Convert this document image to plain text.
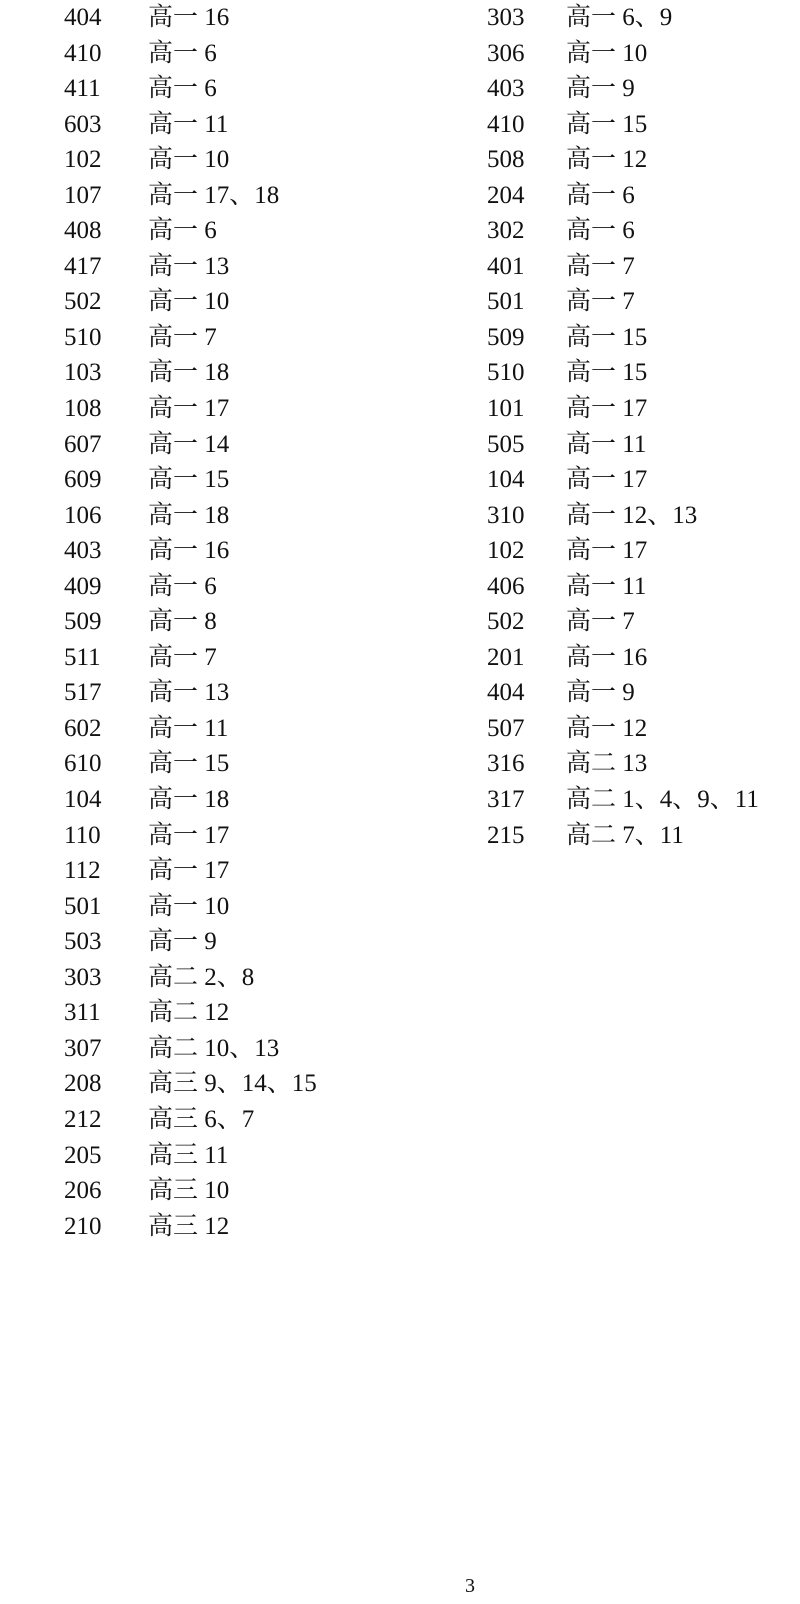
404 高一 16
410 高一 6
411 高一 6
603 高一 11
102 高一 10
107 高一 17、18
408 高一 6
417 高一 13
502 高一 10
510 高一 7
103 高一 18
108 高一 17
607 高一 14
609 高一 15
106 高一 18
403 高一 16
409 高一 6
509 高一 8
511 高一 7
517 高一 13
602 高一 11
610 高一 15
104 高一 18
110 高一 17
112 高一 17
501 高一 10
503 高一 9
303 高二 2、8
311 高二 12
307 高二 10、13
208 高三 9、14、15
212 高三 6、7
205 高三 11
206 高三 10
210 高三 12
303 高一 6、9
306 高一 10
403 高一 9
410 高一 15
508 高一 12
204 高一 6
302 高一 6
401 高一 7
501 高一 7
509 高一 15
510 高一 15
101 高一 17
505 高一 11
104 高一 17
310 高一 12、13
102 高一 17
406 高一 11
502 高一 7
201 高一 16
404 高一 9
507 高一 12
316 高二 13
317 高二 1、4、9、11
215 高二 7、11
3
